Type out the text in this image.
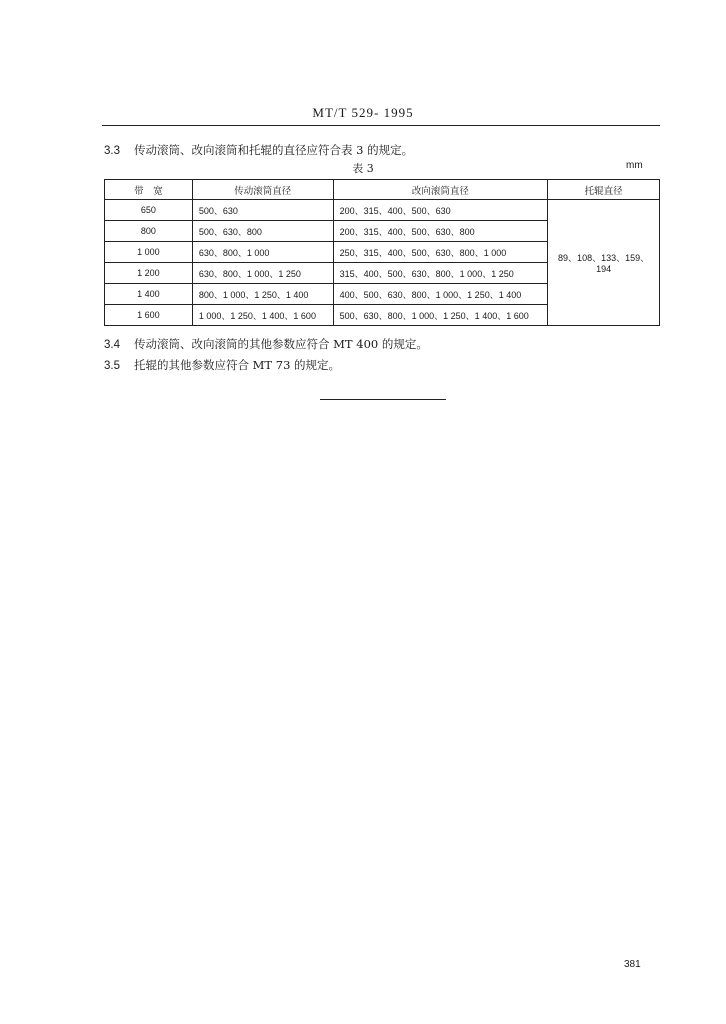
MT/T 529- 1995
3.3 传动滚筒、改向滚筒和托辊的直径应符合表 3 的规定。
表 3	mm
带　宽	传动滚筒直径	改向滚筒直径	托辊直径
650	500、630	200、315、400、500、630	89、108、133、159、194
800	500、630、800	200、315、400、500、630、800	
1 000	630、800、1 000	250、315、400、500、630、800、1 000	
1 200	630、800、1 000、1 250	315、400、500、630、800、1 000、1 250	
1 400	800、1 000、1 250、1 400	400、500、630、800、1 000、1 250、1 400	
1 600	1 000、1 250、1 400、1 600	500、630、800、1 000、1 250、1 400、1 600	
3.4 传动滚筒、改向滚筒的其他参数应符合 MT 400 的规定。
3.5 托辊的其他参数应符合 MT 73 的规定。
381
